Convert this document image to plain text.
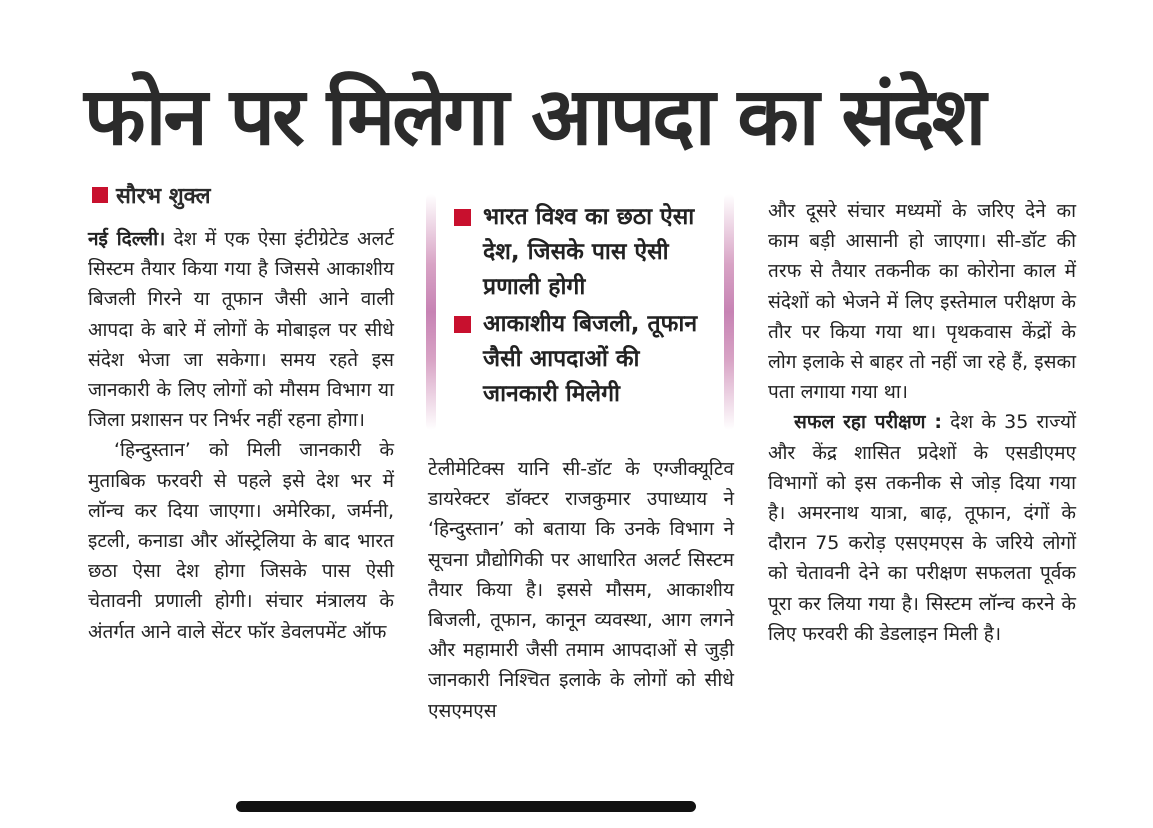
फोन पर मिलेगा आपदा का संदेश
सौरभ शुक्ल

नई दिल्ली। देश में एक ऐसा इंटीग्रेटेड अलर्ट सिस्टम तैयार किया गया है जिससे आकाशीय बिजली गिरने या तूफान जैसी आने वाली आपदा के बारे में लोगों के मोबाइल पर सीधे संदेश भेजा जा सकेगा। समय रहते इस जानकारी के लिए लोगों को मौसम विभाग या जिला प्रशासन पर निर्भर नहीं रहना होगा।

‘हिन्दुस्तान’ को मिली जानकारी के मुताबिक फरवरी से पहले इसे देश भर में लॉन्च कर दिया जाएगा। अमेरिका, जर्मनी, इटली, कनाडा और ऑस्ट्रेलिया के बाद भारत छठा ऐसा देश होगा जिसके पास ऐसी चेतावनी प्रणाली होगी। संचार मंत्रालय के अंतर्गत आने वाले सेंटर फॉर डेवलपमेंट ऑफ

भारत विश्व का छठा ऐसा देश, जिसके पास ऐसी प्रणाली होगी
आकाशीय बिजली, तूफान जैसी आपदाओं की जानकारी मिलेगी

टेलीमेटिक्स यानि सी-डॉट के एग्जीक्यूटिव डायरेक्टर डॉक्टर राजकुमार उपाध्याय ने ‘हिन्दुस्तान’ को बताया कि उनके विभाग ने सूचना प्रौद्योगिकी पर आधारित अलर्ट सिस्टम तैयार किया है। इससे मौसम, आकाशीय बिजली, तूफान, कानून व्यवस्था, आग लगने और महामारी जैसी तमाम आपदाओं से जुड़ी जानकारी निश्चित इलाके के लोगों को सीधे एसएमएस

और दूसरे संचार मध्यमों के जरिए देने का काम बड़ी आसानी हो जाएगा। सी-डॉट की तरफ से तैयार तकनीक का कोरोना काल में संदेशों को भेजने में लिए इस्तेमाल परीक्षण के तौर पर किया गया था। पृथकवास केंद्रों के लोग इलाके से बाहर तो नहीं जा रहे हैं, इसका पता लगाया गया था।

सफल रहा परीक्षण : देश के 35 राज्यों और केंद्र शासित प्रदेशों के एसडीएमए विभागों को इस तकनीक से जोड़ दिया गया है। अमरनाथ यात्रा, बाढ़, तूफान, दंगों के दौरान 75 करोड़ एसएमएस के जरिये लोगों को चेतावनी देने का परीक्षण सफलता पूर्वक पूरा कर लिया गया है। सिस्टम लॉन्च करने के लिए फरवरी की डेडलाइन मिली है।
